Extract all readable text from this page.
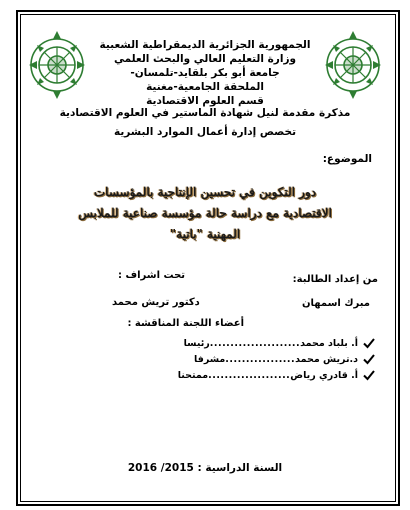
الجمهورية الجزائرية الديمقراطية الشعبية
وزارة التعليم العالي والبحث العلمي
جامعة أبو بكر بلقايد-تلمسان-
الملحقة الجامعية-مغنية
قسم العلوم الاقتصادية
مذكرة مقدمة لنيل شهادة الماستير في العلوم الاقتصادية
تخصص إدارة أعمال الموارد البشرية
الموضوع:
دور التكوين في تحسين الإنتاجية بالمؤسسات
الاقتصادية مع دراسة حالة مؤسسة صناعية للملابس
المهنية "باتية"
من إعداد الطالبة:
تحت اشراف :
مبرك اسمهان
دكتور تريش محمد
أعضاء اللجنة المناقشة :
أ. بلباد محمد
......................
رئيسا
د.تريش محمد
.................
مشرفا
أ. قادري رياض
....................
ممتحنا
السنة الدراسية : 2015/ 2016
